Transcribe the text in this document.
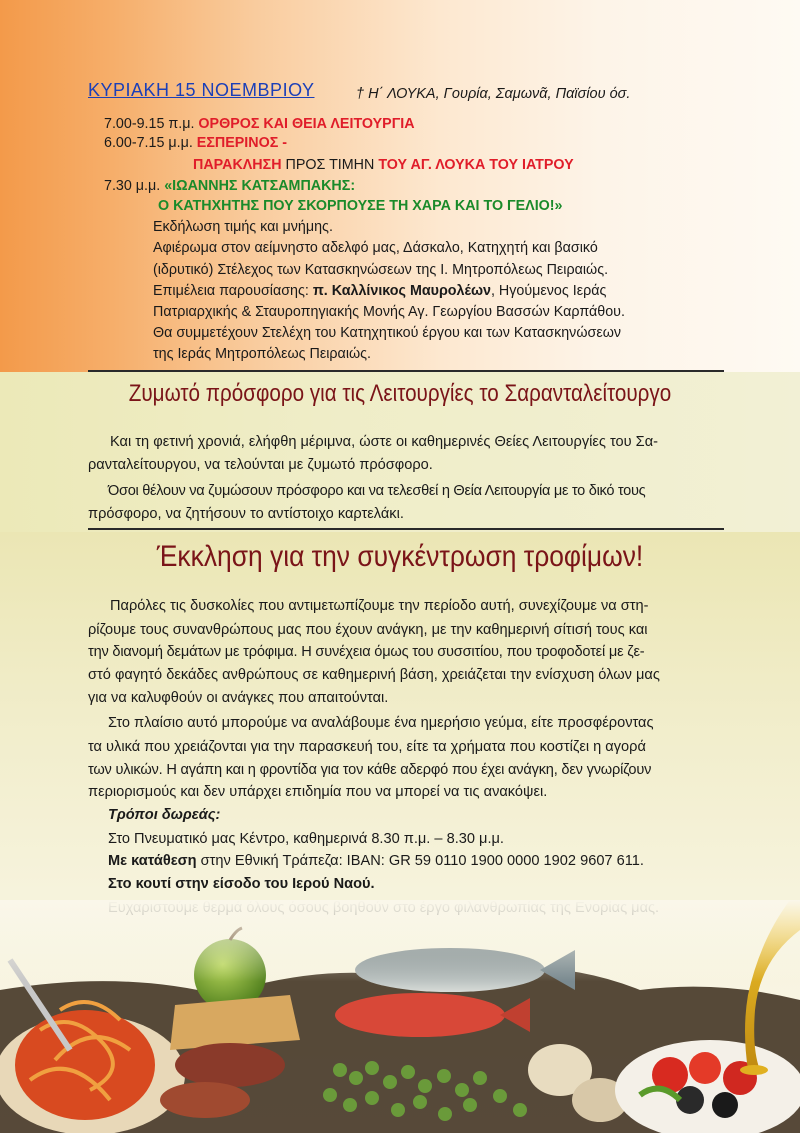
ΚΥΡΙΑΚΗ 15 ΝΟΕΜΒΡΙΟΥ	† Η΄ ΛΟΥΚΑ, Γουρία, Σαμωνᾶ, Παϊσίου όσ.
7.00-9.15 π.μ. ΟΡΘΡΟΣ ΚΑΙ ΘΕΙΑ ΛΕΙΤΟΥΡΓΙΑ
6.00-7.15 μ.μ. ΕΣΠΕΡΙΝΟΣ -
ΠΑΡΑΚΛΗΣΗ ΠΡΟΣ ΤΙΜΗΝ ΤΟΥ ΑΓ. ΛΟΥΚΑ ΤΟΥ ΙΑΤΡΟΥ
7.30 μ.μ. «ΙΩΑΝΝΗΣ ΚΑΤΣΑΜΠΑΚΗΣ:
Ο ΚΑΤΗΧΗΤΗΣ ΠΟΥ ΣΚΟΡΠΟΥΣΕ ΤΗ ΧΑΡΑ ΚΑΙ ΤΟ ΓΕΛΙΟ!»
Εκδήλωση τιμής και μνήμης.
Αφιέρωμα στον αείμνηστο αδελφό μας, Δάσκαλο, Κατηχητή και βασικό
(ιδρυτικό) Στέλεχος των Κατασκηνώσεων της Ι. Μητροπόλεως Πειραιώς.
Επιμέλεια παρουσίασης: π. Καλλίνικος Μαυρολέων, Ηγούμενος Ιεράς
Πατριαρχικής & Σταυροπηγιακής Μονής Αγ. Γεωργίου Βασσών Καρπάθου.
Θα συμμετέχουν Στελέχη του Κατηχητικού έργου και των Κατασκηνώσεων
της Ιεράς Μητροπόλεως Πειραιώς.
Ζυμωτό πρόσφορο για τις Λειτουργίες το Σαρανταλείτουργο
Και τη φετινή χρονιά, ελήφθη μέριμνα, ώστε οι καθημερινές Θείες Λειτουργίες του Σα-
ρανταλείτουργου, να τελούνται με ζυμωτό πρόσφορο.
Όσοι θέλουν να ζυμώσουν πρόσφορο και να τελεσθεί η Θεία Λειτουργία με το δικό τους
πρόσφορο, να ζητήσουν το αντίστοιχο καρτελάκι.
Έκκληση για την συγκέντρωση τροφίμων!
Παρόλες τις δυσκολίες που αντιμετωπίζουμε την περίοδο αυτή, συνεχίζουμε να στη-
ρίζουμε τους συνανθρώπους μας που έχουν ανάγκη, με την καθημερινή σίτισή τους και
την διανομή δεμάτων με τρόφιμα. Η συνέχεια όμως του συσσιτίου, που τροφοδοτεί με ζε-
στό φαγητό δεκάδες ανθρώπους σε καθημερινή βάση, χρειάζεται την ενίσχυση όλων μας
για να καλυφθούν οι ανάγκες που απαιτούνται.
Στο πλαίσιο αυτό μπορούμε να αναλάβουμε ένα ημερήσιο γεύμα, είτε προσφέροντας
τα υλικά που χρειάζονται για την παρασκευή του, είτε τα χρήματα που κοστίζει η αγορά
των υλικών. Η αγάπη και η φροντίδα για τον κάθε αδερφό που έχει ανάγκη, δεν γνωρίζουν
περιορισμούς και δεν υπάρχει επιδημία που να μπορεί να τις ανακόψει.
Τρόποι δωρεάς:
Στο Πνευματικό μας Κέντρο, καθημερινά 8.30 π.μ. – 8.30 μ.μ.
Με κατάθεση στην Εθνική Τράπεζα: IBAN: GR 59 0110 1900 0000 1902 9607 611.
Στο κουτί στην είσοδο του Ιερού Ναού.
